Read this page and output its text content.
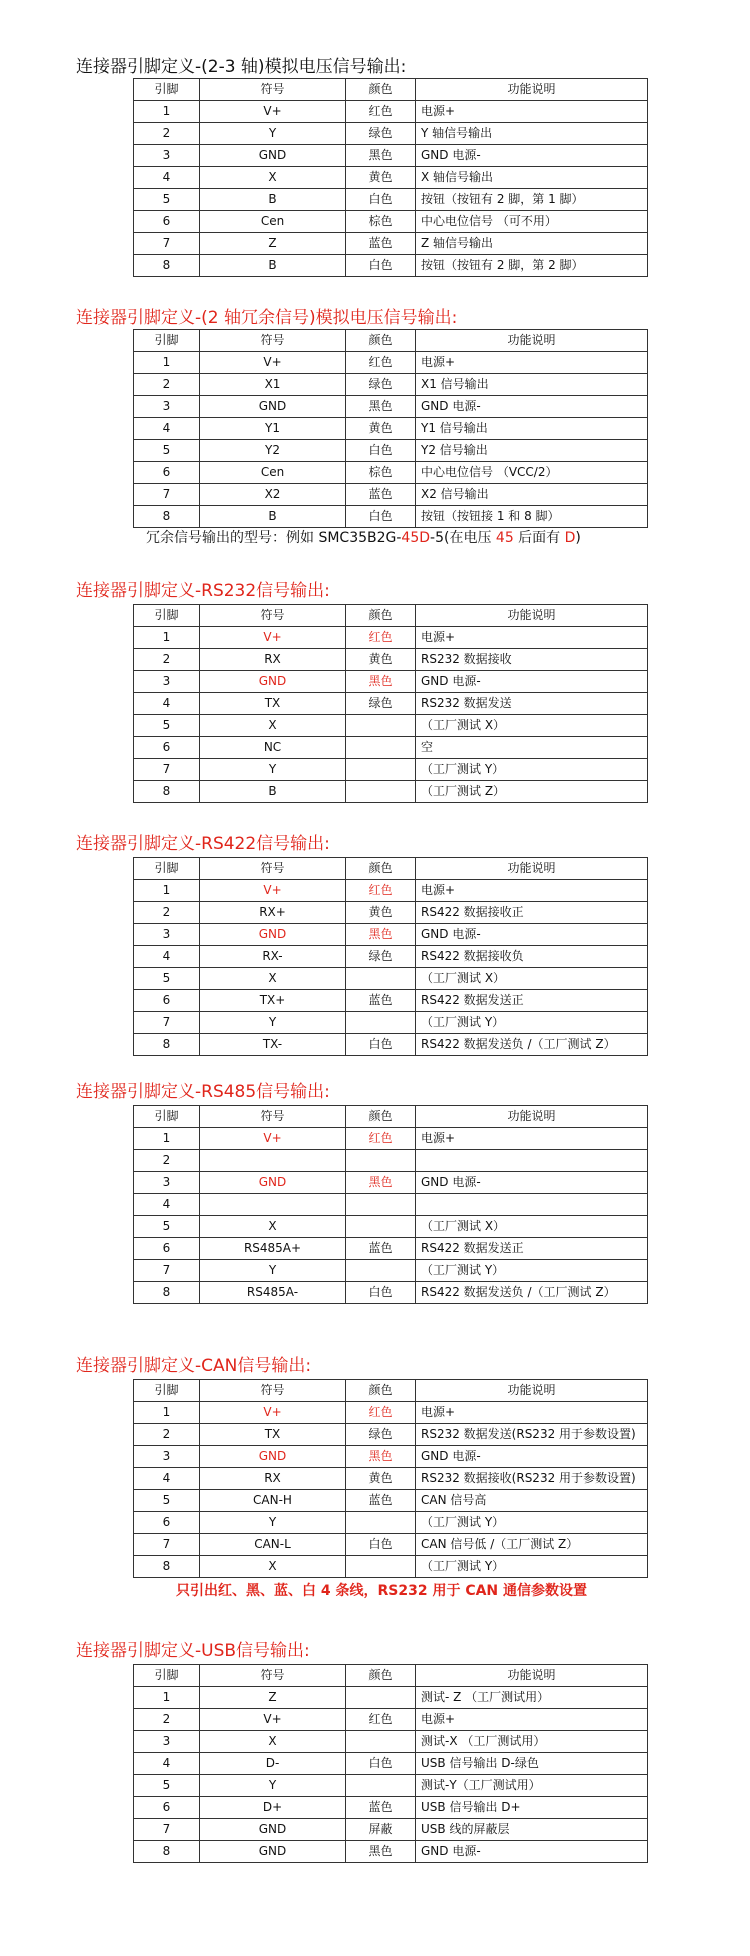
连接器引脚定义-(2-3 轴)模拟电压信号输出:
引脚	符号	颜色	功能说明
1	V+	红色	电源+
2	Y	绿色	Y 轴信号输出
3	GND	黑色	GND 电源-
4	X	黄色	X 轴信号输出
5	B	白色	按钮（按钮有 2 脚，第 1 脚）
6	Cen	棕色	中心电位信号 （可不用）
7	Z	蓝色	Z 轴信号输出
8	B	白色	按钮（按钮有 2 脚，第 2 脚）
连接器引脚定义-(2 轴冗余信号)模拟电压信号输出:
引脚	符号	颜色	功能说明
1	V+	红色	电源+
2	X1	绿色	X1 信号输出
3	GND	黑色	GND 电源-
4	Y1	黄色	Y1 信号输出
5	Y2	白色	Y2 信号输出
6	Cen	棕色	中心电位信号 （VCC/2）
7	X2	蓝色	X2 信号输出
8	B	白色	按钮（按钮接 1 和 8 脚）
冗余信号输出的型号：例如 SMC35B2G-45D-5(在电压 45 后面有 D)
连接器引脚定义-RS232信号输出:
引脚	符号	颜色	功能说明
1	V+	红色	电源+
2	RX	黄色	RS232 数据接收
3	GND	黑色	GND 电源-
4	TX	绿色	RS232 数据发送
5	X		（工厂测试 X）
6	NC		空
7	Y		（工厂测试 Y）
8	B		（工厂测试 Z）
连接器引脚定义-RS422信号输出:
引脚	符号	颜色	功能说明
1	V+	红色	电源+
2	RX+	黄色	RS422 数据接收正
3	GND	黑色	GND 电源-
4	RX-	绿色	RS422 数据接收负
5	X		（工厂测试 X）
6	TX+	蓝色	RS422 数据发送正
7	Y		（工厂测试 Y）
8	TX-	白色	RS422 数据发送负 /（工厂测试 Z）
连接器引脚定义-RS485信号输出:
引脚	符号	颜色	功能说明
1	V+	红色	电源+
2			
3	GND	黑色	GND 电源-
4			
5	X		（工厂测试 X）
6	RS485A+	蓝色	RS422 数据发送正
7	Y		（工厂测试 Y）
8	RS485A-	白色	RS422 数据发送负 /（工厂测试 Z）
连接器引脚定义-CAN信号输出:
引脚	符号	颜色	功能说明
1	V+	红色	电源+
2	TX	绿色	RS232 数据发送(RS232 用于参数设置)
3	GND	黑色	GND 电源-
4	RX	黄色	RS232 数据接收(RS232 用于参数设置)
5	CAN-H	蓝色	CAN 信号高
6	Y		（工厂测试 Y）
7	CAN-L	白色	CAN 信号低 /（工厂测试 Z）
8	X		（工厂测试 Y）
只引出红、黑、蓝、白 4 条线，RS232 用于 CAN 通信参数设置
连接器引脚定义-USB信号输出:
引脚	符号	颜色	功能说明
1	Z		测试- Z （工厂测试用）
2	V+	红色	电源+
3	X		测试-X （工厂测试用）
4	D-	白色	USB 信号输出 D-绿色
5	Y		测试-Y（工厂测试用）
6	D+	蓝色	USB 信号输出 D+
7	GND	屏蔽	USB 线的屏蔽层
8	GND	黑色	GND 电源-
